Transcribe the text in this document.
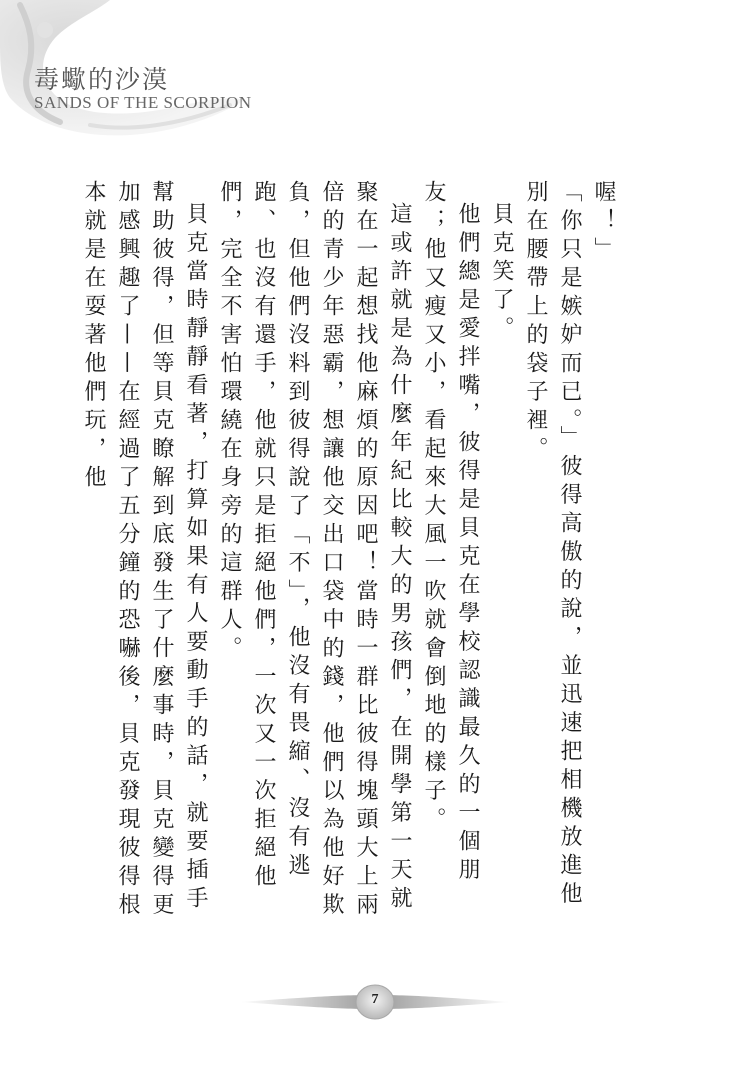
毒蠍的沙漠
SANDS OF THE SCORPION

喔！」

「你只是嫉妒而已。」彼得高傲的說，並迅速把相機放進他別在腰帶上的袋子裡。

貝克笑了。

他們總是愛拌嘴，彼得是貝克在學校認識最久的一個朋友；他又瘦又小，看起來大風一吹就會倒地的樣子。

這或許就是為什麼年紀比較大的男孩們，在開學第一天就聚在一起想找他麻煩的原因吧！當時一群比彼得塊頭大上兩倍的青少年惡霸，想讓他交出口袋中的錢，他們以為他好欺負，但他們沒料到彼得說了「不」，他沒有畏縮、沒有逃跑、也沒有還手，他就只是拒絕他們，一次又一次拒絕他們，完全不害怕環繞在身旁的這群人。

貝克當時靜靜看著，打算如果有人要動手的話，就要插手幫助彼得，但等貝克瞭解到底發生了什麼事時，貝克變得更加感興趣了——在經過了五分鐘的恐嚇後，貝克發現彼得根本就是在耍著他們玩，他

7
